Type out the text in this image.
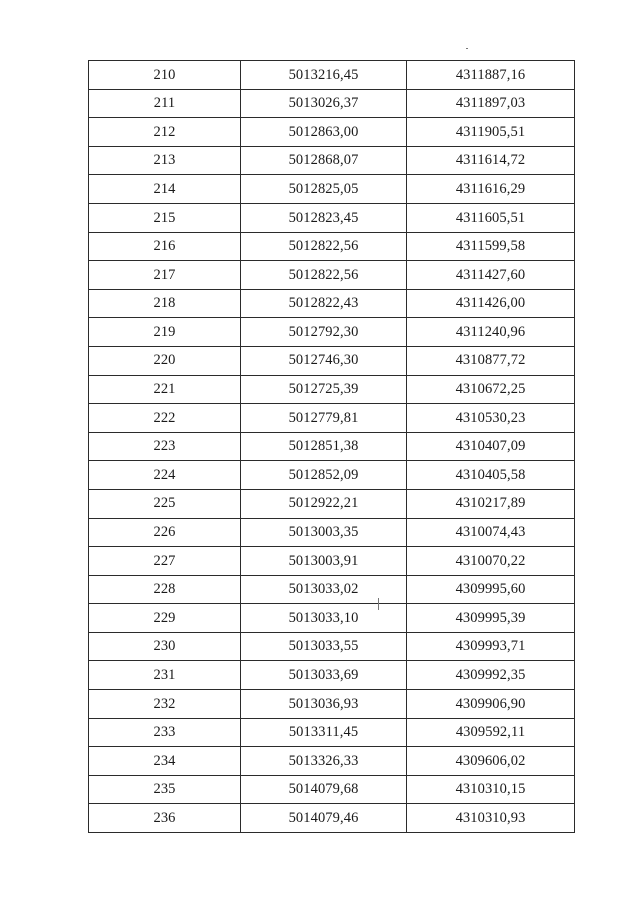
210	5013216,45	4311887,16
211	5013026,37	4311897,03
212	5012863,00	4311905,51
213	5012868,07	4311614,72
214	5012825,05	4311616,29
215	5012823,45	4311605,51
216	5012822,56	4311599,58
217	5012822,56	4311427,60
218	5012822,43	4311426,00
219	5012792,30	4311240,96
220	5012746,30	4310877,72
221	5012725,39	4310672,25
222	5012779,81	4310530,23
223	5012851,38	4310407,09
224	5012852,09	4310405,58
225	5012922,21	4310217,89
226	5013003,35	4310074,43
227	5013003,91	4310070,22
228	5013033,02	4309995,60
229	5013033,10	4309995,39
230	5013033,55	4309993,71
231	5013033,69	4309992,35
232	5013036,93	4309906,90
233	5013311,45	4309592,11
234	5013326,33	4309606,02
235	5014079,68	4310310,15
236	5014079,46	4310310,93
